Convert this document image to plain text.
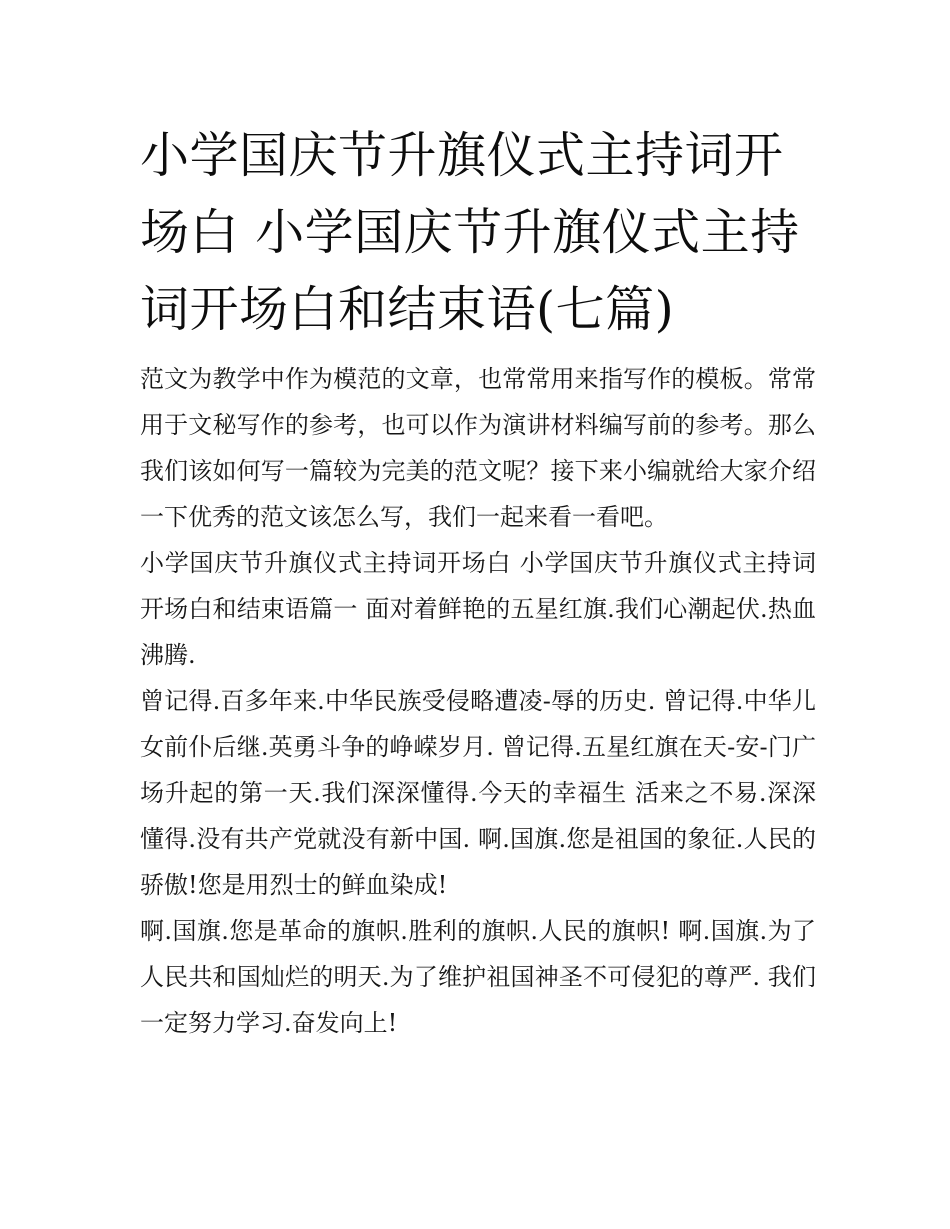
小学国庆节升旗仪式主持词开场白 小学国庆节升旗仪式主持词开场白和结束语(七篇)

范文为教学中作为模范的文章，也常常用来指写作的模板。常常用于文秘写作的参考，也可以作为演讲材料编写前的参考。那么我们该如何写一篇较为完美的范文呢？接下来小编就给大家介绍一下优秀的范文该怎么写，我们一起来看一看吧。

小学国庆节升旗仪式主持词开场白 小学国庆节升旗仪式主持词开场白和结束语篇一 面对着鲜艳的五星红旗.我们心潮起伏.热血沸腾.

曾记得.百多年来.中华民族受侵略遭凌-辱的历史. 曾记得.中华儿女前仆后继.英勇斗争的峥嵘岁月. 曾记得.五星红旗在天-安-门广场升起的第一天.我们深深懂得.今天的幸福生 活来之不易.深深懂得.没有共产党就没有新中国. 啊.国旗.您是祖国的象征.人民的骄傲!您是用烈士的鲜血染成!

啊.国旗.您是革命的旗帜.胜利的旗帜.人民的旗帜! 啊.国旗.为了人民共和国灿烂的明天.为了维护祖国神圣不可侵犯的尊严. 我们一定努力学习.奋发向上!
